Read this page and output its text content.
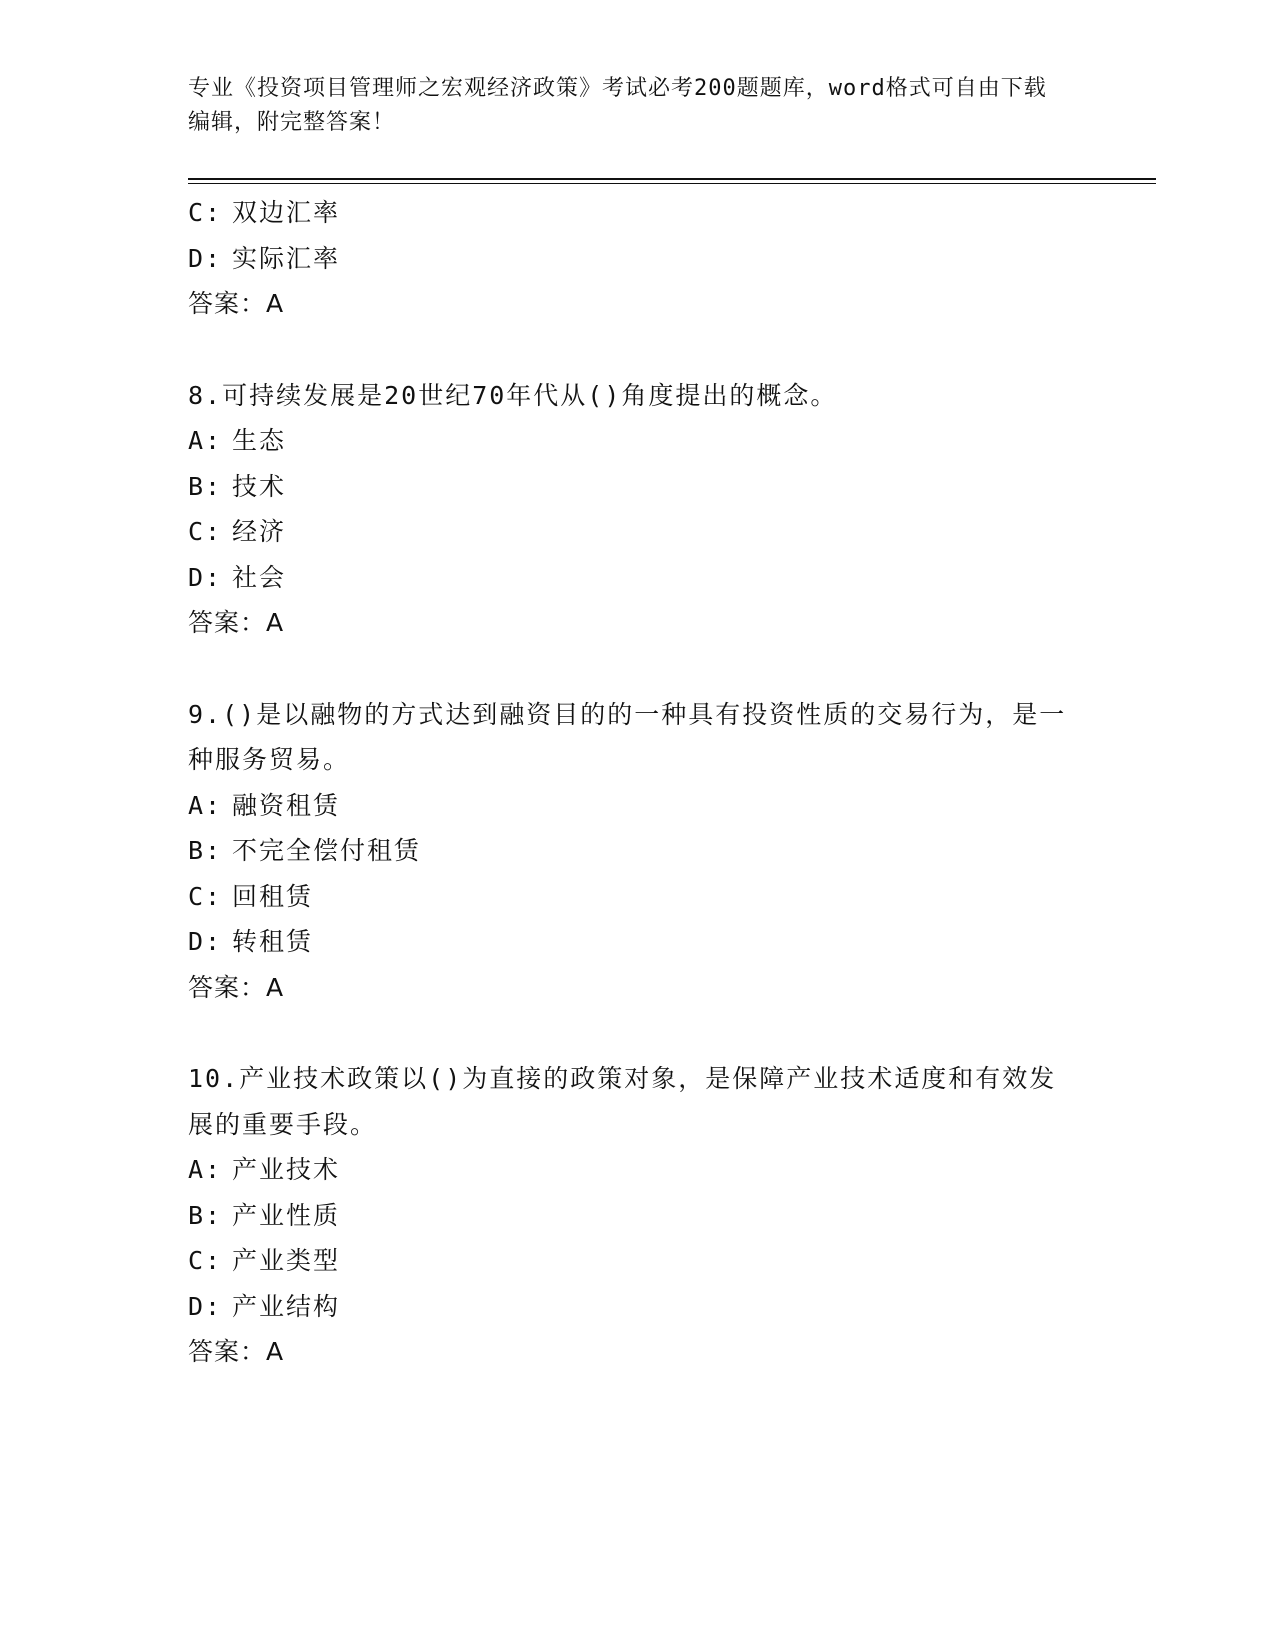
专业《投资项目管理师之宏观经济政策》考试必考200题题库，word格式可自由下载编辑，附完整答案！
C: 双边汇率
D: 实际汇率
答案：A
8.可持续发展是20世纪70年代从()角度提出的概念。
A: 生态
B: 技术
C: 经济
D: 社会
答案：A
9.()是以融物的方式达到融资目的的一种具有投资性质的交易行为，是一种服务贸易。
A: 融资租赁
B: 不完全偿付租赁
C: 回租赁
D: 转租赁
答案：A
10.产业技术政策以()为直接的政策对象，是保障产业技术适度和有效发展的重要手段。
A: 产业技术
B: 产业性质
C: 产业类型
D: 产业结构
答案：A
